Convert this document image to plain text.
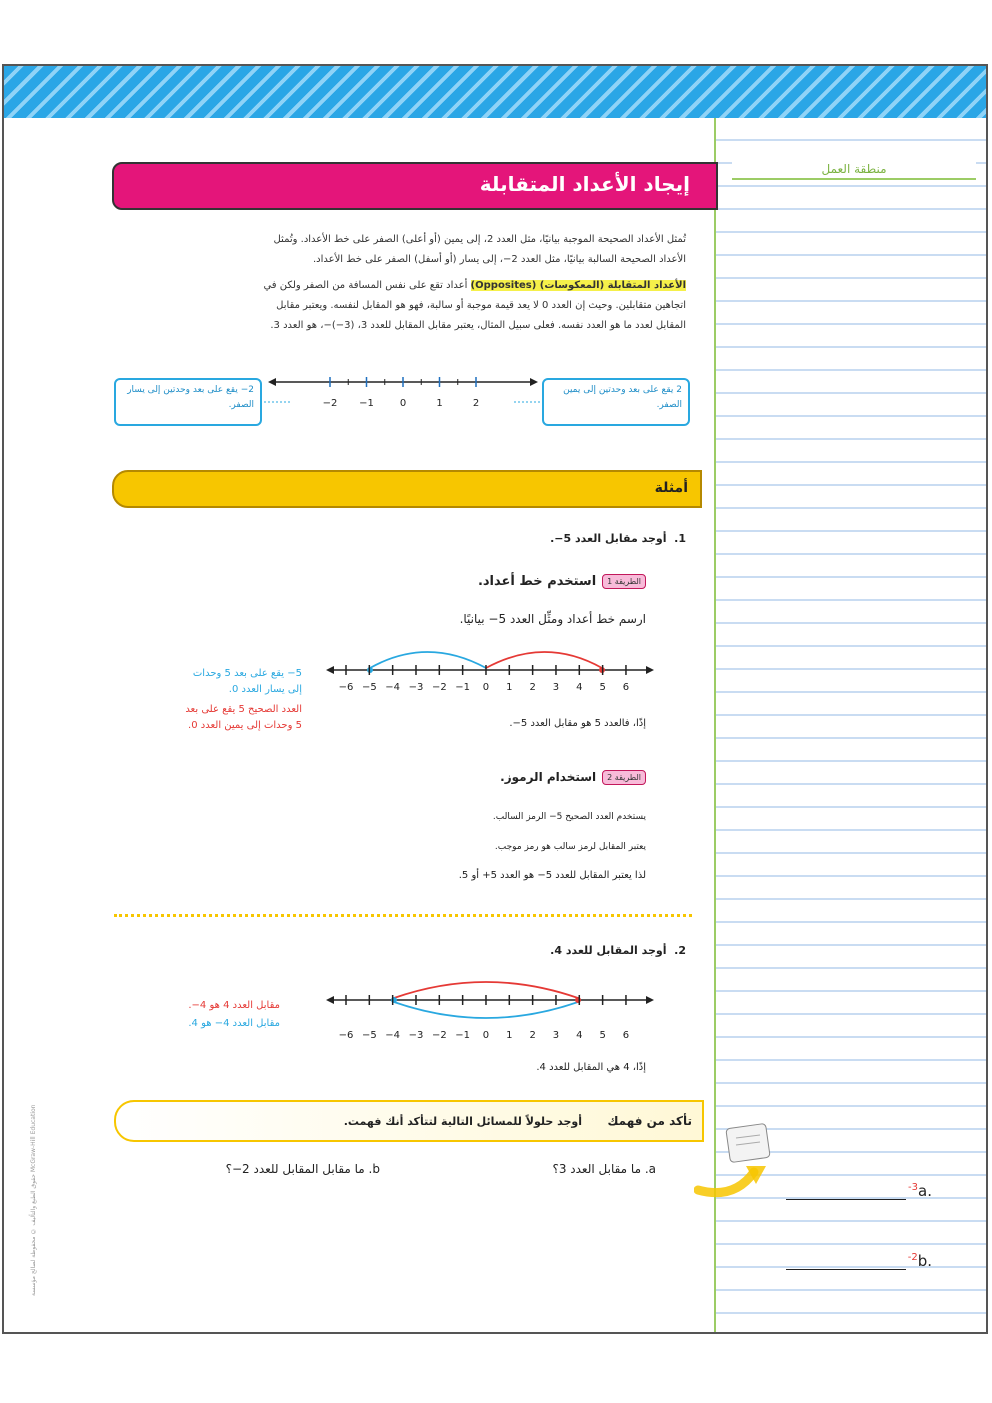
منطقة العمل
$^{-3}$a.
$^{-2}$b.
إيجاد الأعداد المتقابلة
تُمثل الأعداد الصحيحة الموجبة بيانيًا، مثل العدد 2، إلى يمين (أو أعلى) الصفر على خط الأعداد. وتُمثل
الأعداد الصحيحة السالبة بيانيًا، مثل العدد 2−، إلى يسار (أو أسفل) الصفر على خط الأعداد.
الأعداد المتقابلة (المعكوسات) (Opposites) أعداد تقع على نفس المسافة من الصفر ولكن في
اتجاهين متقابلين. وحيث إن العدد 0 لا يعد قيمة موجبة أو سالبة، فهو هو المقابل لنفسه. ويعتبر مقابل
المقابل لعدد ما هو العدد نفسه. فعلى سبيل المثال، يعتبر مقابل المقابل للعدد 3، (3−)−، هو العدد 3.
2 يقع على بعد وحدتين إلى يمين الصفر.
2− يقع على بعد وحدتين إلى يسار الصفر.	−2 −1	0	1	2
أمثلة
1.  أوجد مقابل العدد 5−.
الطريقة 1استخدم خط أعداد.
ارسم خط أعداد ومثِّل العدد 5− بيانيًا.
−6 −5 −4 −3 −2 −1 0 1 2 3 4 5 6
5− يقع على بعد 5 وحدات
إلى يسار العدد 0.
العدد الصحيح 5 يقع على بعد
5 وحدات إلى يمين العدد 0.	إذًا، فالعدد 5 هو مقابل العدد 5−.
الطريقة 2استخدام الرموز.
يستخدم العدد الصحيح 5− الرمز السالب.
يعتبر المقابل لرمز سالب هو رمز موجب.
لذا يعتبر المقابل للعدد 5− هو العدد 5+ أو 5.
2.  أوجد المقابل للعدد 4.
−6 −5 −4 −3 −2 −1 0 1 2 3 4 5 6
مقابل العدد 4 هو 4−.
مقابل العدد 4− هو 4.
إذًا، 4 هي المقابل للعدد 4.
تأكد من فهمك
أوجد حلولاً للمسائل التالية لتتأكد أنك فهمت.
a. ما مقابل العدد 3؟
b. ما مقابل المقابل للعدد 2−؟
حقوق الطبع والتأليف © محفوظة لصالح مؤسسة McGraw-Hill Education
